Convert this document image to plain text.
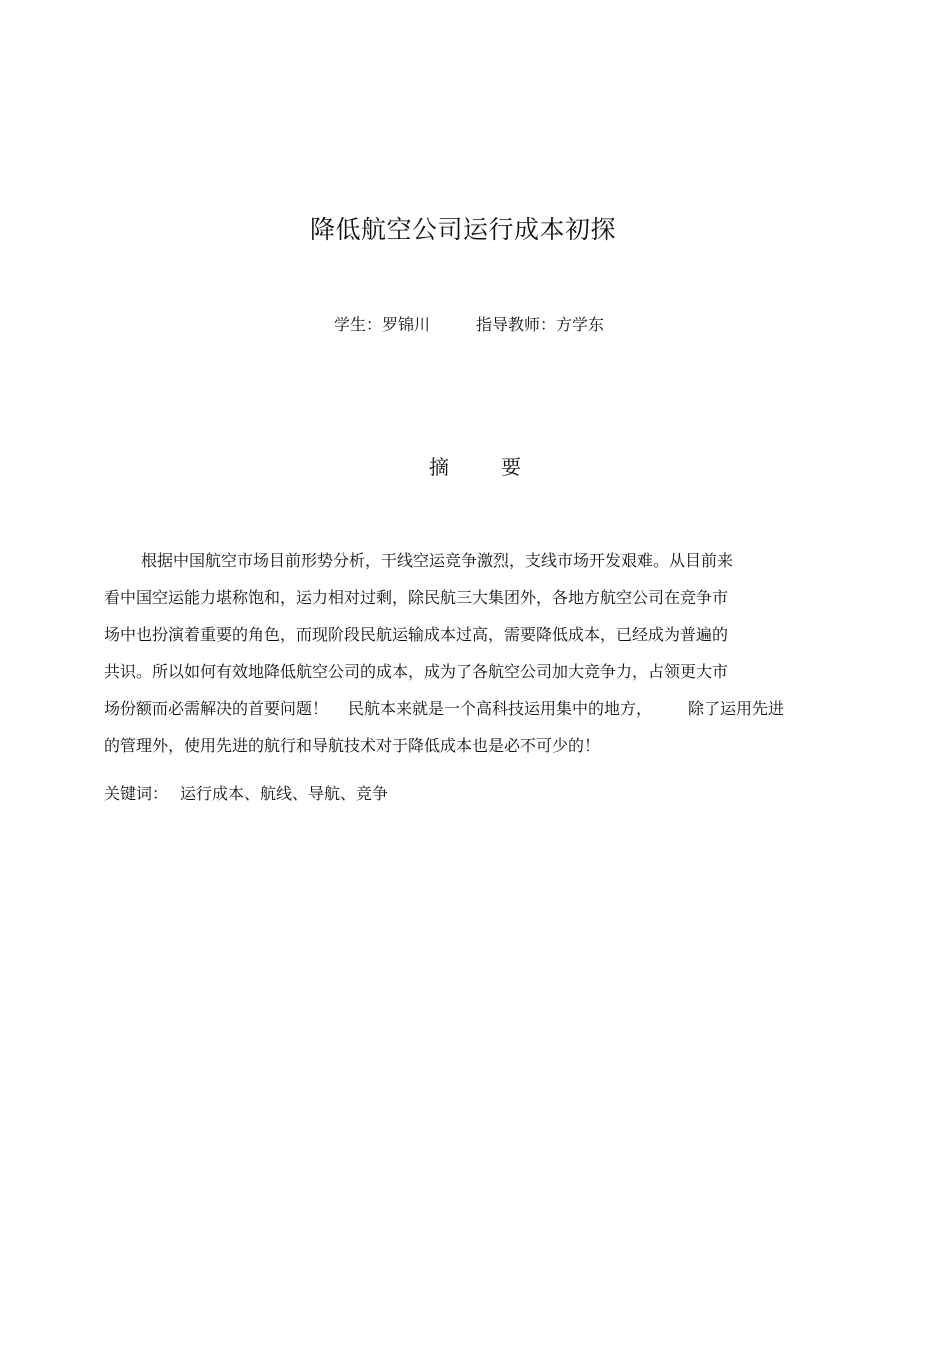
降低航空公司运行成本初探
学生：罗锦川	指导教师：方学东
摘	要
根据中国航空市场目前形势分析，干线空运竞争激烈，支线市场开发艰难。从目前来
看中国空运能力堪称饱和，运力相对过剩，除民航三大集团外，各地方航空公司在竞争市
场中也扮演着重要的角色，而现阶段民航运输成本过高，需要降低成本，已经成为普遍的
共识。所以如何有效地降低航空公司的成本，成为了各航空公司加大竞争力，占领更大市
场份额而必需解决的首要问题！ 民航本来就是一个高科技运用集中的地方， 除了运用先进
的管理外，使用先进的航行和导航技术对于降低成本也是必不可少的！
关键词： 运行成本、航线、导航、竞争
